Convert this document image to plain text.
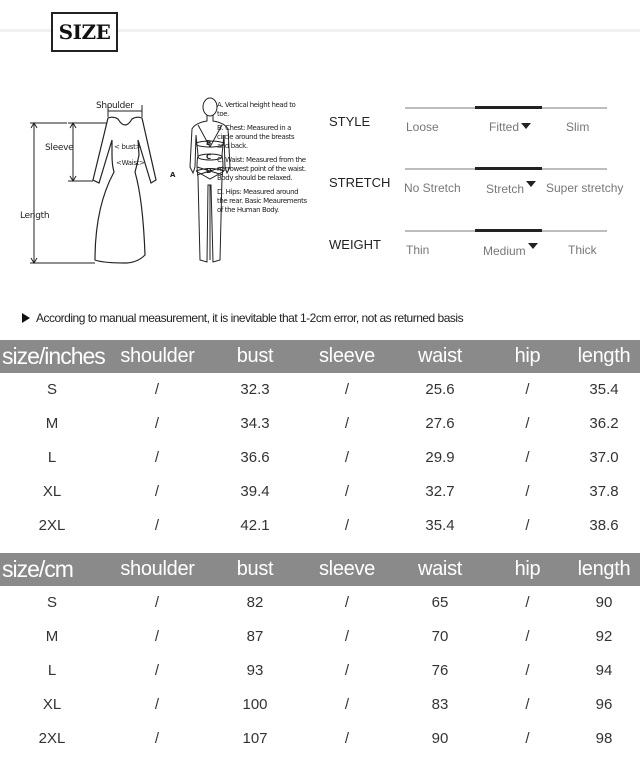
SIZE
Shoulder
Sleeve
Length
< bust>
<Waist>
A
B
C
D
A. Vertical height head to toe.
B. Chest: Measured in a circle around the breasts and back.
C. Waist: Measured from the narrowest point of the waist. Body should be relaxed.
D. Hips: Measured around the rear. Basic Meaurements of the Human Body.
STYLE	Loose	Fitted	Slim
STRETCH No Stretch Stretch	Super stretchy
WEIGHT Thin	Medium	Thick
According to manual measurement, it is inevitable that 1-2cm error, not as returned basis
size/inches shoulder	bust	sleeve	waist	hip	length
S	/	32.3	/	25.6	/	35.4
M	/	34.3	/	27.6	/	36.2
L	/	36.6	/	29.9	/	37.0
XL	/	39.4	/	32.7	/	37.8
2XL	/	42.1	/	35.4	/	38.6
size/cm	shoulder	bust	sleeve	waist	hip	length
S	/	82	/	65	/	90
M	/	87	/	70	/	92
L	/	93	/	76	/	94
XL	/	100	/	83	/	96
2XL	/	107	/	90	/	98
